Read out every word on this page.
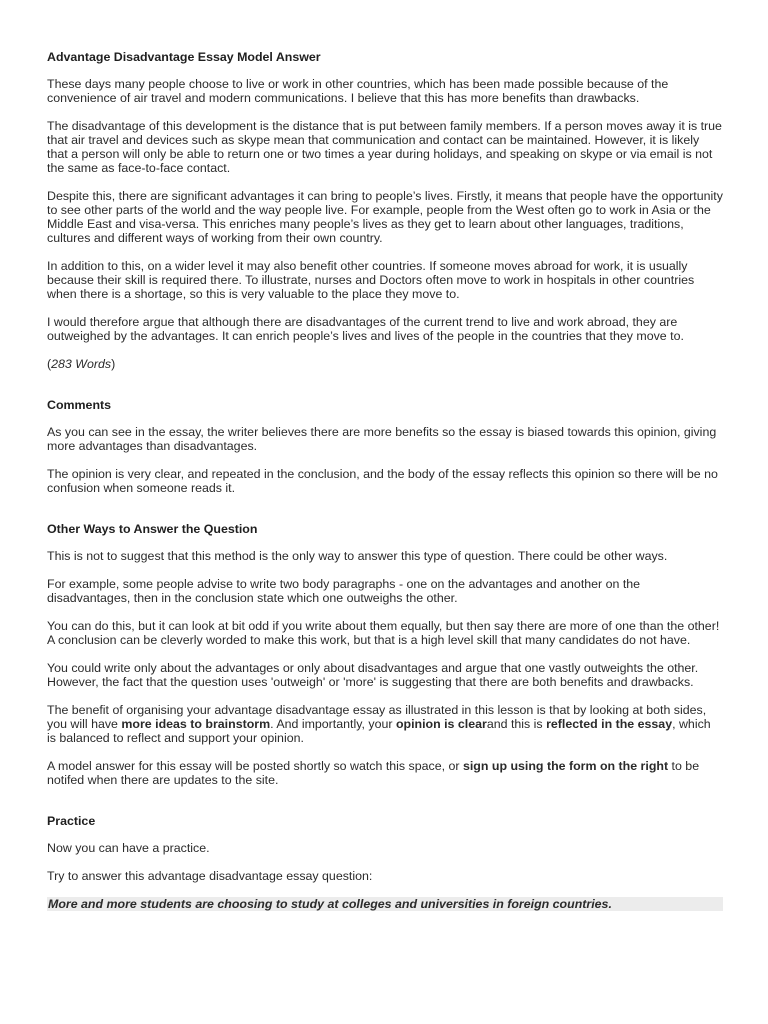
Advantage Disadvantage Essay Model Answer

These days many people choose to live or work in other countries, which has been made possible because of the convenience of air travel and modern communications. I believe that this has more benefits than drawbacks.

The disadvantage of this development is the distance that is put between family members. If a person moves away it is true that air travel and devices such as skype mean that communication and contact can be maintained. However, it is likely that a person will only be able to return one or two times a year during holidays, and speaking on skype or via email is not the same as face-to-face contact.

Despite this, there are significant advantages it can bring to people’s lives. Firstly, it means that people have the opportunity to see other parts of the world and the way people live. For example, people from the West often go to work in Asia or the Middle East and visa-versa. This enriches many people’s lives as they get to learn about other languages, traditions, cultures and different ways of working from their own country.

In addition to this, on a wider level it may also benefit other countries. If someone moves abroad for work, it is usually because their skill is required there. To illustrate, nurses and Doctors often move to work in hospitals in other countries when there is a shortage, so this is very valuable to the place they move to.

I would therefore argue that although there are disadvantages of the current trend to live and work abroad, they are outweighed by the advantages. It can enrich people’s lives and lives of the people in the countries that they move to.

(283 Words)

Comments

As you can see in the essay, the writer believes there are more benefits so the essay is biased towards this opinion, giving more advantages than disadvantages.

The opinion is very clear, and repeated in the conclusion, and the body of the essay reflects this opinion so there will be no confusion when someone reads it.

Other Ways to Answer the Question

This is not to suggest that this method is the only way to answer this type of question. There could be other ways.

For example, some people advise to write two body paragraphs - one on the advantages and another on the disadvantages, then in the conclusion state which one outweighs the other.

You can do this, but it can look at bit odd if you write about them equally, but then say there are more of one than the other! A conclusion can be cleverly worded to make this work, but that is a high level skill that many candidates do not have.

You could write only about the advantages or only about disadvantages and argue that one vastly outweights the other. However, the fact that the question uses 'outweigh' or 'more' is suggesting that there are both benefits and drawbacks.

The benefit of organising your advantage disadvantage essay as illustrated in this lesson is that by looking at both sides, you will have more ideas to brainstorm. And importantly, your opinion is clearand this is reflected in the essay, which is balanced to reflect and support your opinion.

A model answer for this essay will be posted shortly so watch this space, or sign up using the form on the right to be notifed when there are updates to the site.

Practice

Now you can have a practice.

Try to answer this advantage disadvantage essay question:

More and more students are choosing to study at colleges and universities in foreign countries.
